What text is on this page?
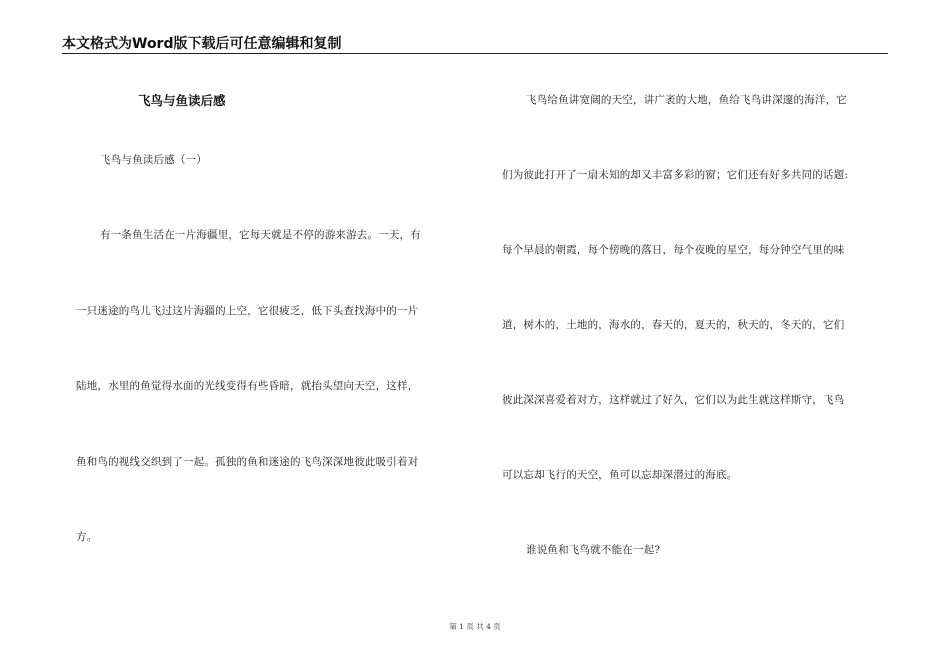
本文格式为Word版下载后可任意编辑和复制
飞鸟与鱼读后感
飞鸟与鱼读后感（一）
有一条鱼生活在一片海疆里，它每天就是不停的游来游去。一天，有
一只迷途的鸟儿飞过这片海疆的上空，它很疲乏，低下头查找海中的一片
陆地，水里的鱼觉得水面的光线变得有些昏暗，就抬头望向天空，这样，
鱼和鸟的视线交织到了一起。孤独的鱼和迷途的飞鸟深深地彼此吸引着对
方。
飞鸟给鱼讲宽阔的天空，讲广袤的大地，鱼给飞鸟讲深邃的海洋，它
们为彼此打开了一扇未知的却又丰富多彩的窗；它们还有好多共同的话题:
每个早晨的朝霞，每个傍晚的落日，每个夜晚的星空，每分钟空气里的味
道，树木的，土地的，海水的，春天的，夏天的，秋天的，冬天的，它们
彼此深深喜爱着对方，这样就过了好久，它们以为此生就这样斯守，飞鸟
可以忘却飞行的天空，鱼可以忘却深潜过的海底。
谁说鱼和飞鸟就不能在一起?
第 1 页 共 4 页
